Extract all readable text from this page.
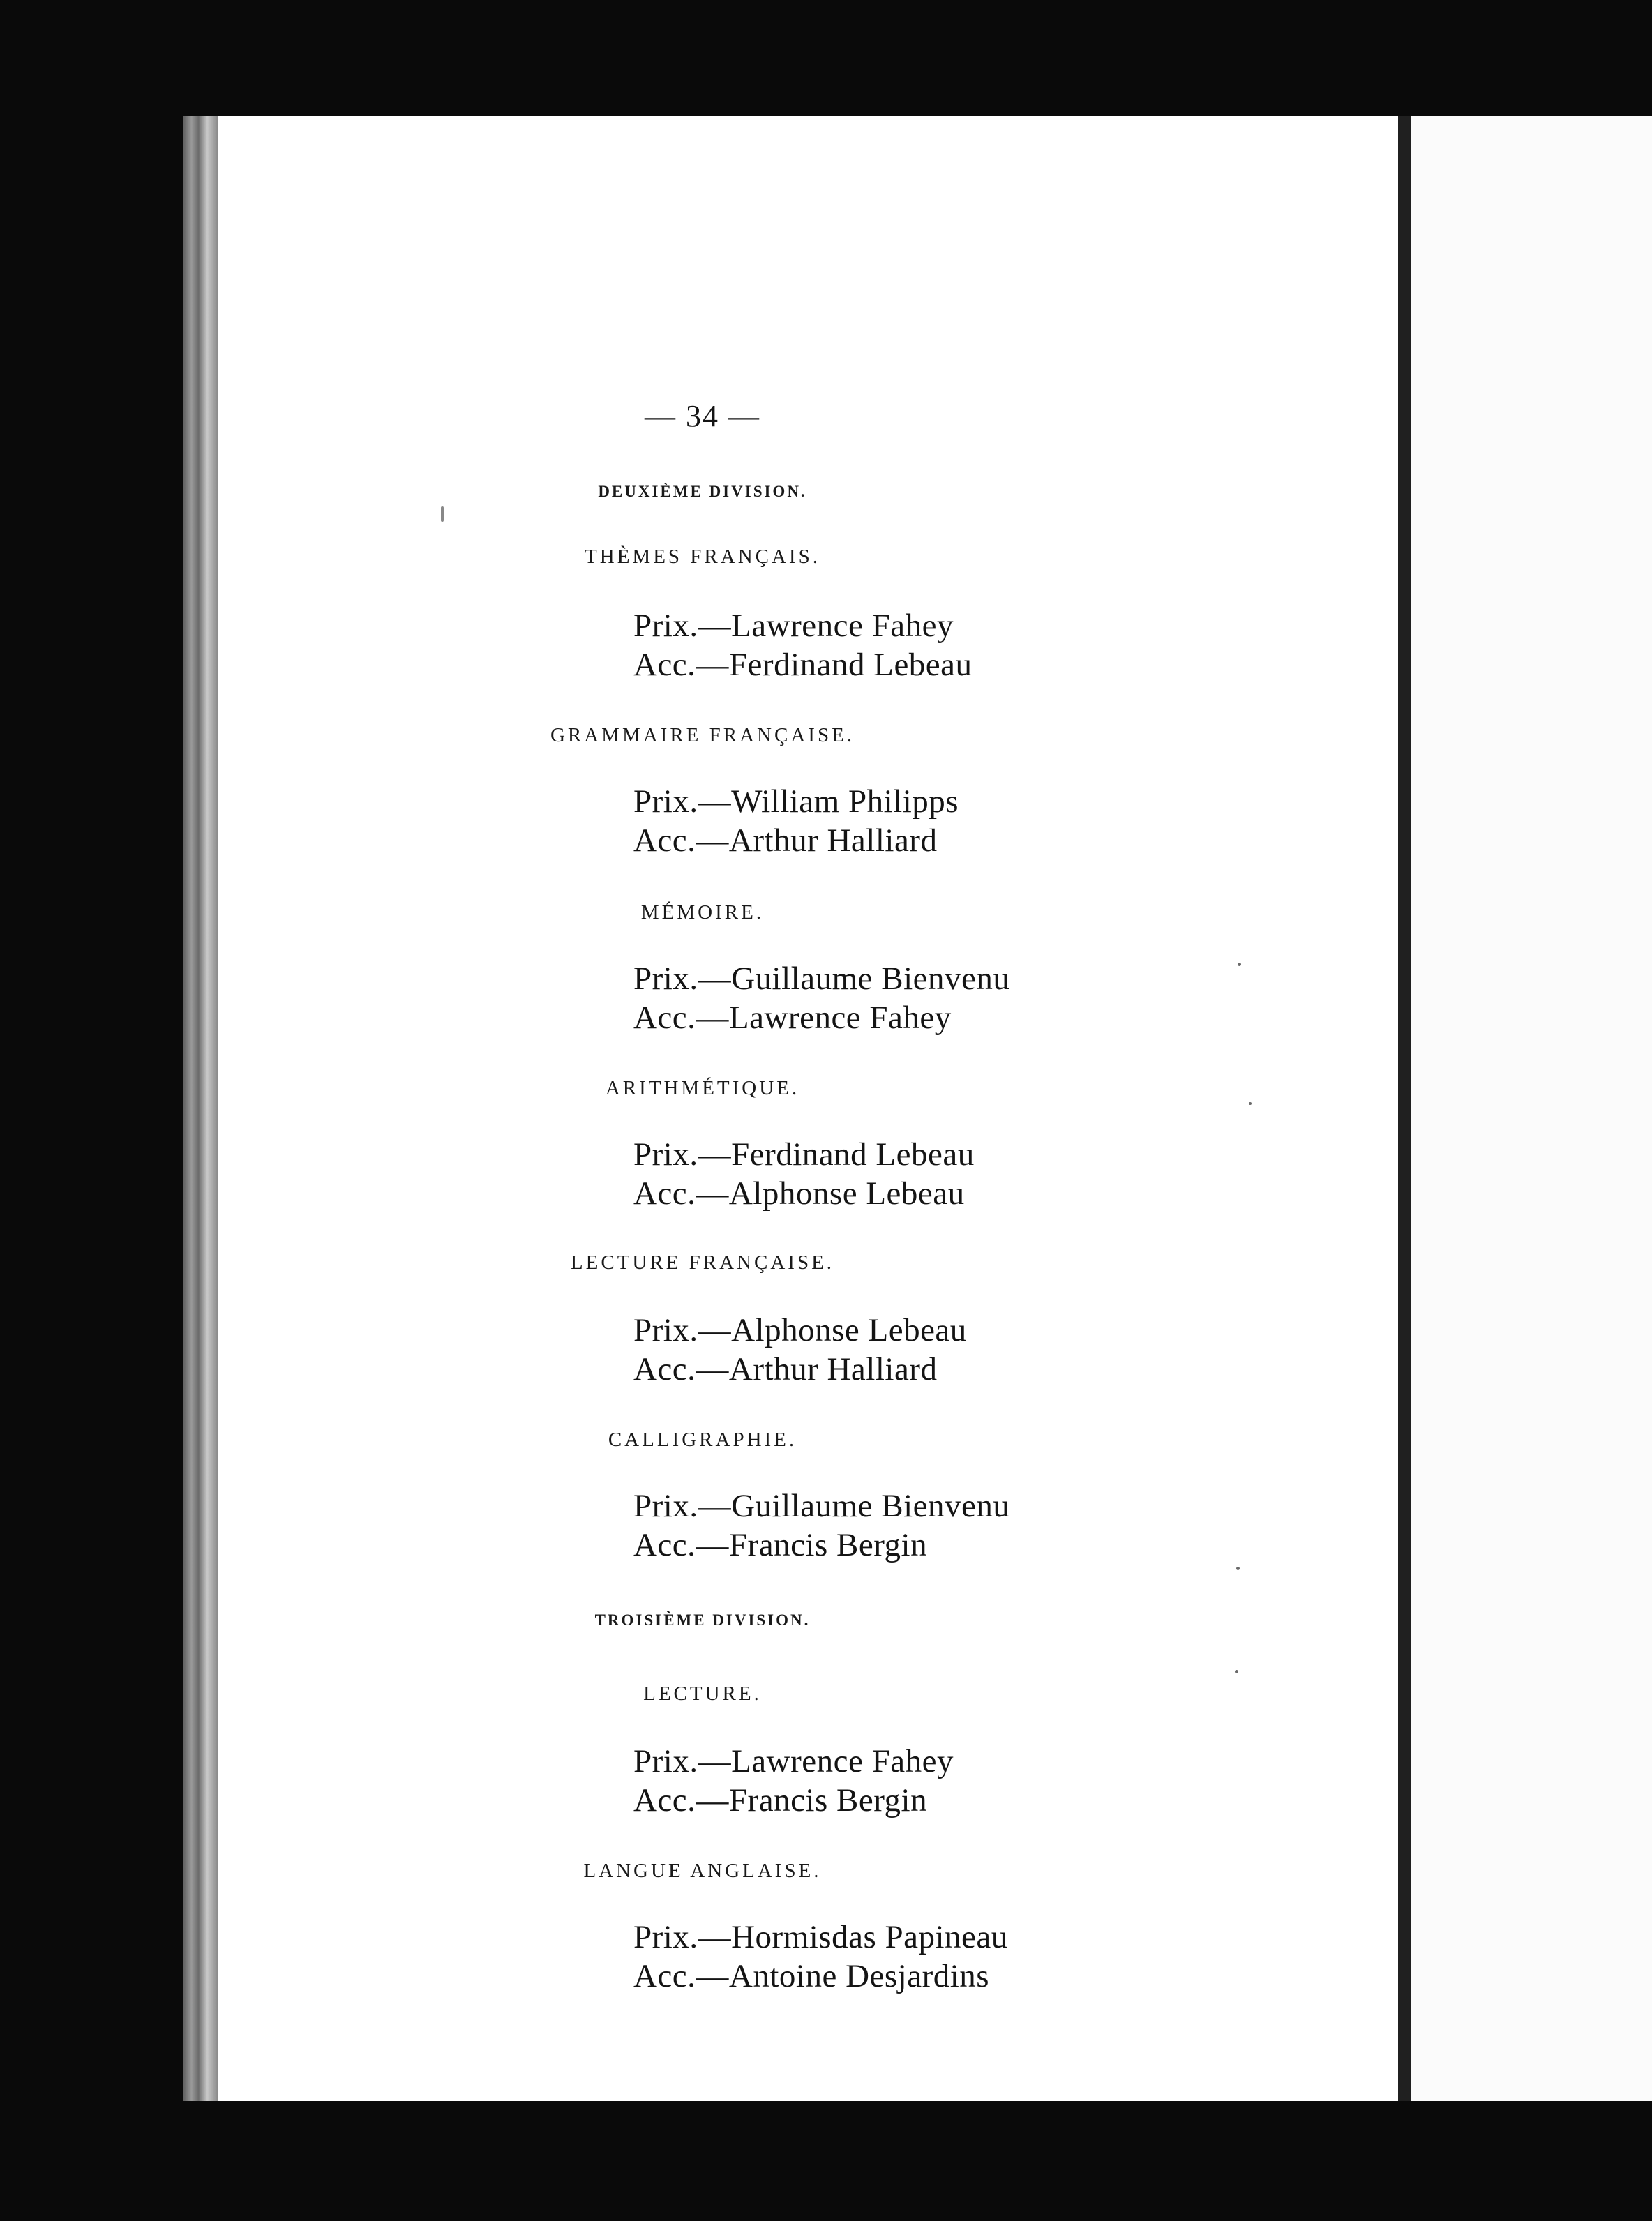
— 34 —
DEUXIÈME DIVISION.
THÈMES FRANÇAIS.
Prix.—Lawrence Fahey
Acc.—Ferdinand Lebeau
GRAMMAIRE FRANÇAISE.
Prix.—William Philipps
Acc.—Arthur Halliard
MÉMOIRE.
Prix.—Guillaume Bienvenu
Acc.—Lawrence Fahey
ARITHMÉTIQUE.
Prix.—Ferdinand Lebeau
Acc.—Alphonse Lebeau
LECTURE FRANÇAISE.
Prix.—Alphonse Lebeau
Acc.—Arthur Halliard
CALLIGRAPHIE.
Prix.—Guillaume Bienvenu
Acc.—Francis Bergin
TROISIÈME DIVISION.
LECTURE.
Prix.—Lawrence Fahey
Acc.—Francis Bergin
LANGUE ANGLAISE.
Prix.—Hormisdas Papineau
Acc.—Antoine Desjardins
